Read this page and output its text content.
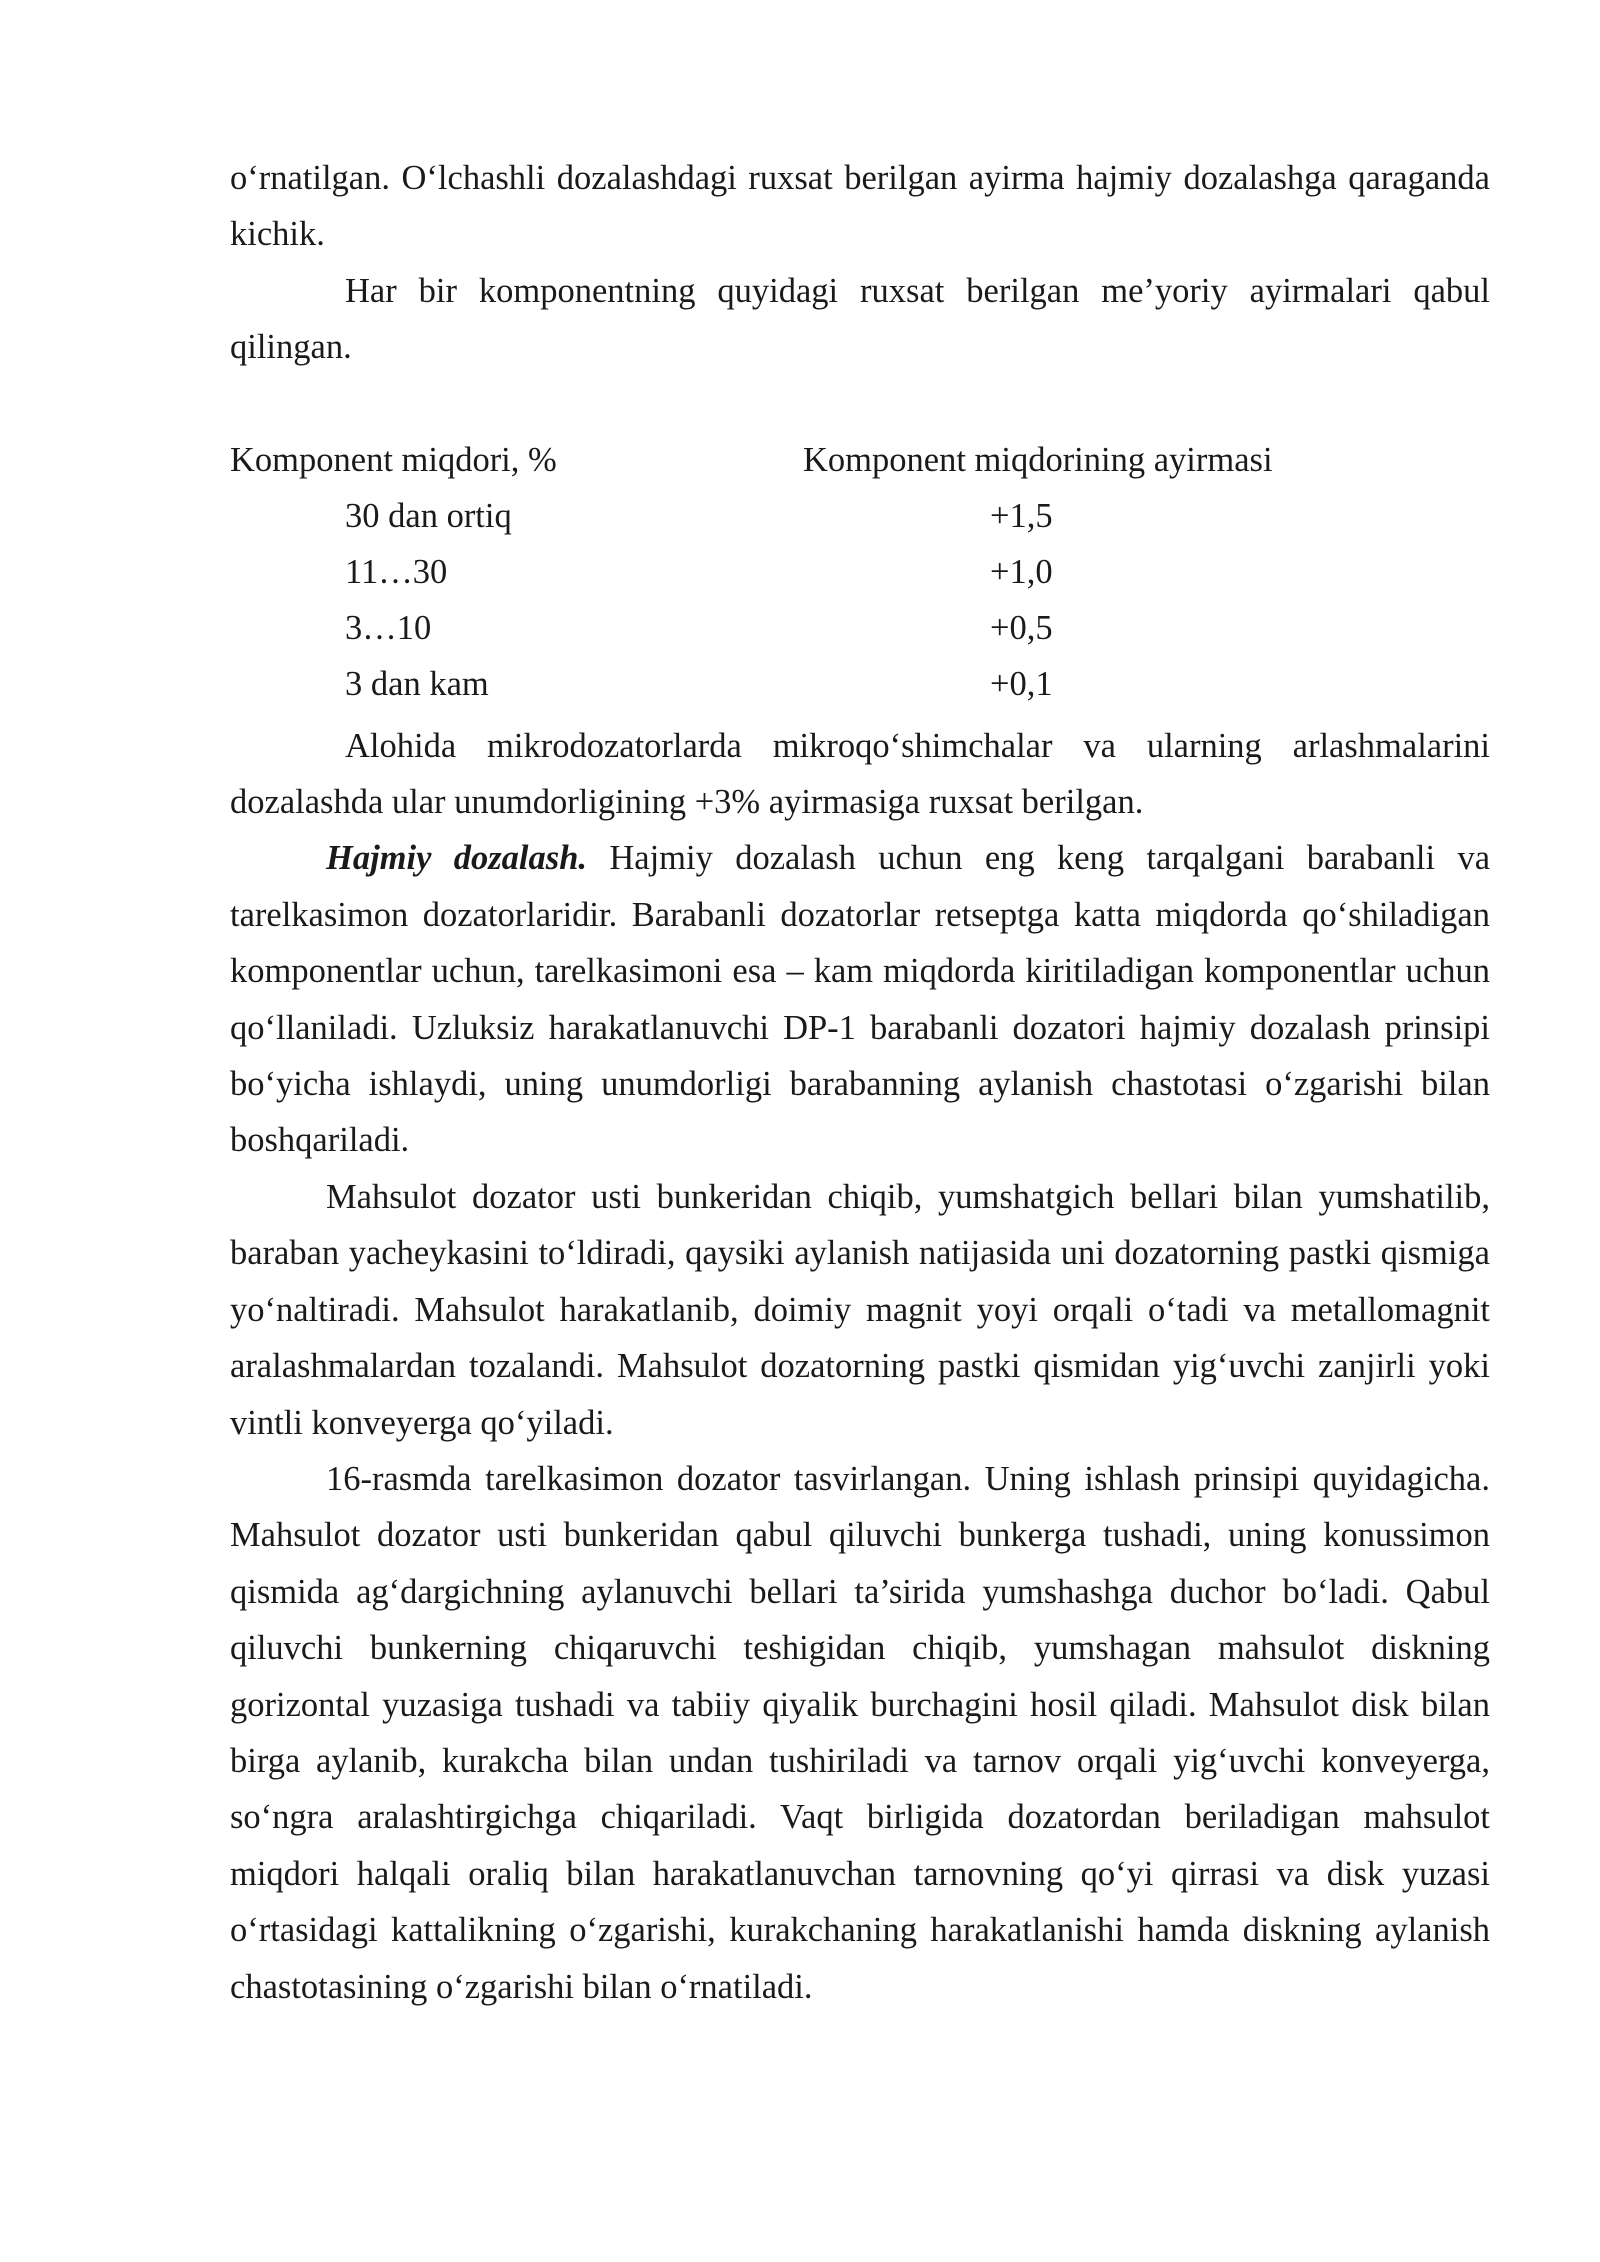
oʻrnatilgan. Oʻlchashli dozalashdagi ruxsat berilgan ayirma hajmiy dozalashga qaraganda kichik.

Har bir komponentning quyidagi ruxsat berilgan me’yoriy ayirmalari qabul qilingan.

Komponent miqdori, %	Komponent miqdorining ayirmasi
30 dan ortiq	+1,5
11…30	+1,0
3…10	+0,5
3 dan kam	+0,1

Alohida mikrodozatorlarda mikroqoʻshimchalar va ularning arlashmalarini dozalashda ular unumdorligining +3% ayirmasiga ruxsat berilgan.

Hajmiy dozalash. Hajmiy dozalash uchun eng keng tarqalgani barabanli va tarelkasimon dozatorlaridir. Barabanli dozatorlar retseptga katta miqdorda qoʻshiladigan komponentlar uchun, tarelkasimoni esa – kam miqdorda kiritiladigan komponentlar uchun qoʻllaniladi. Uzluksiz harakatlanuvchi DP-1 barabanli dozatori hajmiy dozalash prinsipi boʻyicha ishlaydi, uning unumdorligi barabanning aylanish chastotasi oʻzgarishi bilan boshqariladi.

Mahsulot dozator usti bunkeridan chiqib, yumshatgich bellari bilan yumshatilib, baraban yacheykasini toʻldiradi, qaysiki aylanish natijasida uni dozatorning pastki qismiga yoʻnaltiradi. Mahsulot harakatlanib, doimiy magnit yoyi orqali oʻtadi va metallomagnit aralashmalardan tozalandi. Mahsulot dozatorning pastki qismidan yigʻuvchi zanjirli yoki vintli konveyerga qoʻyiladi.

16-rasmda tarelkasimon dozator tasvirlangan. Uning ishlash prinsipi quyidagicha. Mahsulot dozator usti bunkeridan qabul qiluvchi bunkerga tushadi, uning konussimon qismida agʻdargichning aylanuvchi bellari ta’sirida yumshashga duchor boʻladi. Qabul qiluvchi bunkerning chiqaruvchi teshigidan chiqib, yumshagan mahsulot diskning gorizontal yuzasiga tushadi va tabiiy qiyalik burchagini hosil qiladi. Mahsulot disk bilan birga aylanib, kurakcha bilan undan tushiriladi va tarnov orqali yigʻuvchi konveyerga, soʻngra aralashtirgichga chiqariladi. Vaqt birligida dozatordan beriladigan mahsulot miqdori halqali oraliq bilan harakatlanuvchan tarnovning qoʻyi qirrasi va disk yuzasi oʻrtasidagi kattalikning oʻzgarishi, kurakchaning harakatlanishi hamda diskning aylanish chastotasining oʻzgarishi bilan oʻrnatiladi.
